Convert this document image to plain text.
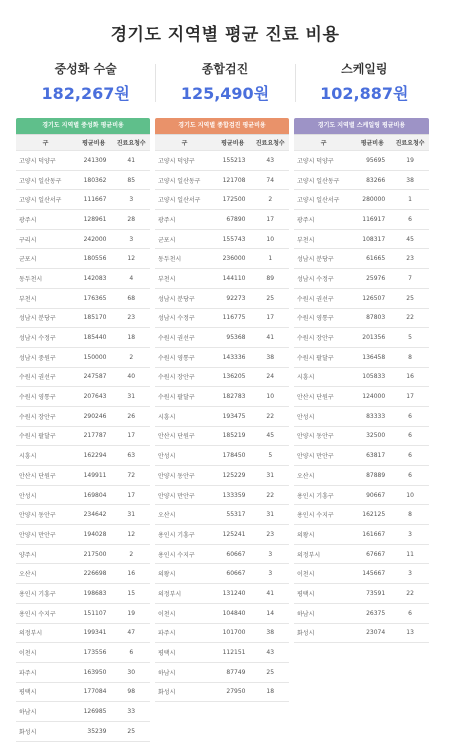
경기도 지역별 평균 진료 비용
중성화 수술
182,267원
종합검진
125,490원
스케일링
102,887원
경기도 지역별 중성화 평균비용
구	평균비용	진료요청수
고양시 덕양구	241309	41
고양시 일산동구	180362	85
고양시 일산서구	111667	3
광주시	128961	28
구리시	242000	3
군포시	180556	12
동두천시	142083	4
부천시	176365	68
성남시 분당구	185170	23
성남시 수정구	185440	18
성남시 중원구	150000	2
수원시 권선구	247587	40
수원시 영통구	207643	31
수원시 장안구	290246	26
수원시 팔달구	217787	17
시흥시	162294	63
안산시 단원구	149911	72
안성시	169804	17
안양시 동안구	234642	31
안양시 만안구	194028	12
양주시	217500	2
오산시	226698	16
용인시 기흥구	198683	15
용인시 수지구	151107	19
의정부시	199341	47
이천시	173556	6
파주시	163950	30
평택시	177084	98
하남시	126985	33
화성시	35239	25
경기도 지역별 종합검진 평균비용
구	평균비용	진료요청수
고양시 덕양구	155213	43
고양시 일산동구	121708	74
고양시 일산서구	172500	2
광주시	67890	17
군포시	155743	10
동두천시	236000	1
부천시	144110	89
성남시 분당구	92273	25
성남시 수정구	116775	17
수원시 권선구	95368	41
수원시 영통구	143336	38
수원시 장안구	136205	24
수원시 팔달구	182783	10
시흥시	193475	22
안산시 단원구	185219	45
안성시	178450	5
안양시 동안구	125229	31
안양시 만안구	133359	22
오산시	55317	31
용인시 기흥구	125241	23
용인시 수지구	60667	3
의왕시	60667	3
의정부시	131240	41
이천시	104840	14
파주시	101700	38
평택시	112151	43
하남시	87749	25
화성시	27950	18
경기도 지역별 스케일링 평균비용
구	평균비용	진료요청수
고양시 덕양구	95695	19
고양시 일산동구	83266	38
고양시 일산서구	280000	1
광주시	116917	6
부천시	108317	45
성남시 분당구	61665	23
성남시 수정구	25976	7
수원시 권선구	126507	25
수원시 영통구	87803	22
수원시 장안구	201356	5
수원시 팔달구	136458	8
시흥시	105833	16
안산시 단원구	124000	17
안성시	83333	6
안양시 동안구	32500	6
안양시 만안구	63817	6
오산시	87889	6
용인시 기흥구	90667	10
용인시 수지구	162125	8
의왕시	161667	3
의정부시	67667	11
이천시	145667	3
평택시	73591	22
하남시	26375	6
화성시	23074	13
